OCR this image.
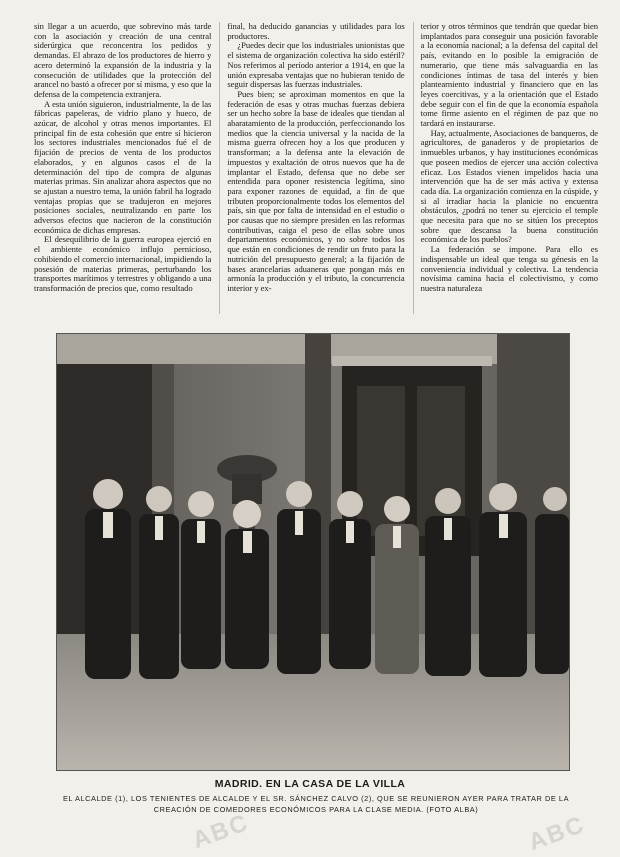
sin llegar a un acuerdo, que sobrevino más tarde con la asociación y creación de una central siderúrgica que reconcentra los pedidos y demandas. El abrazo de los productores de hierro y acero determinó la expansión de la industria y la consecución de utilidades que la protección del arancel no bastó a ofrecer por sí misma, y eso que la defensa de la competencia extranjera.

A esta unión siguieron, industrialmente, la de las fábricas papeleras, de vidrio plano y hueco, de azúcar, de alcohol y otras menos importantes. El principal fin de esta cohesión que entre sí hicieron los sectores industriales mencionados fué el de fijación de precios de venta de los productos elaborados, y en algunos casos el de la determinación del tipo de compra de algunas materias primas. Sin analizar ahora aspectos que no se ajustan a nuestro tema, la unión fabril ha logrado ventajas propias que se tradujeron en mejores posiciones sociales, neutralizando en parte los adversos efectos que nacieron de la constitución económica de dichas empresas.

El desequilibrio de la guerra europea ejerció en el ambiente económico influjo pernicioso, cohibiendo el comercio internacional, impidiendo la posesión de materias primeras, perturbando los transportes marítimos y terrestres y obligando a una transformación de precios que, como resultado

final, ha deducido ganancias y utilidades para los productores.

¿Puedes decir que los industriales unionistas que el sistema de organización colectiva ha sido estéril? Nos referimos al período anterior a 1914, en que la unión expresaba ventajas que no hubieran tenido de seguir dispersas las fuerzas industriales.

Pues bien; se aproximan momentos en que la federación de esas y otras muchas fuerzas debiera ser un hecho sobre la base de ideales que tiendan al abaratamiento de la producción, perfeccionando los medios que la ciencia universal y la nacida de la misma guerra ofrecen hoy a los que producen y transforman; a la defensa ante la elevación de impuestos y exaltación de otros nuevos que ha de implantar el Estado, defensa que no debe ser entendida para oponer resistencia legítima, sino para exponer razones de equidad, a fin de que tributen proporcionalmente todos los elementos del país, sin que por falta de intensidad en el estudio o por causas que no siempre presiden en las reformas contributivas, caiga el peso de ellas sobre unos departamentos económicos, y no sobre todos los que están en condiciones de rendir un fruto para la nutrición del presupuesto general; a la fijación de bases arancelarias aduaneras que pongan más en armonía la producción y el tributo, la concurrencia interior y ex-

terior y otros términos que tendrán que quedar bien implantados para conseguir una posición favorable a la economía nacional; a la defensa del capital del país, evitando en lo posible la emigración de numerario, que tiene más salvaguardia en las condiciones íntimas de tasa del interés y bien plantearniento industrial y financiero que en las leyes coercitivas, y a la orientación que el Estado debe seguir con el fin de que la economía española tome firme asiento en el régimen de paz que no tardará en instaurarse.

Hay, actualmente, Asociaciones de banqueros, de agricultores, de ganaderos y de propietarios de inmuebles urbanos, y hay instituciones económicas que poseen medios de ejercer una acción colectiva eficaz. Los Estados vienen impelidos hacia una intervención que ha de ser más activa y extensa cada día. La organización comienza en la cúspide, y si al irradiar hacia la planicie no encuentra obstáculos, ¿podrá no tener su ejercicio el temple que necesita para que no se sitúen los preceptos sobre que descansa la buena constitución económica de los pueblos?

La federación se impone. Para ello es indispensable un ideal que tenga su génesis en la conveniencia individual y colectiva. La tendencia novísima camina hacia el colectivismo, y como nuestra naturaleza

MADRID. EN LA CASA DE LA VILLA
EL ALCALDE (1), LOS TENIENTES DE ALCALDE Y EL SR. SÁNCHEZ CALVO (2), QUE SE REUNIERON AYER PARA TRATAR DE LA CREACIÓN DE COMEDORES ECONÓMICOS PARA LA CLASE MEDIA. (FOTO ALBA)
ABC	ABC
